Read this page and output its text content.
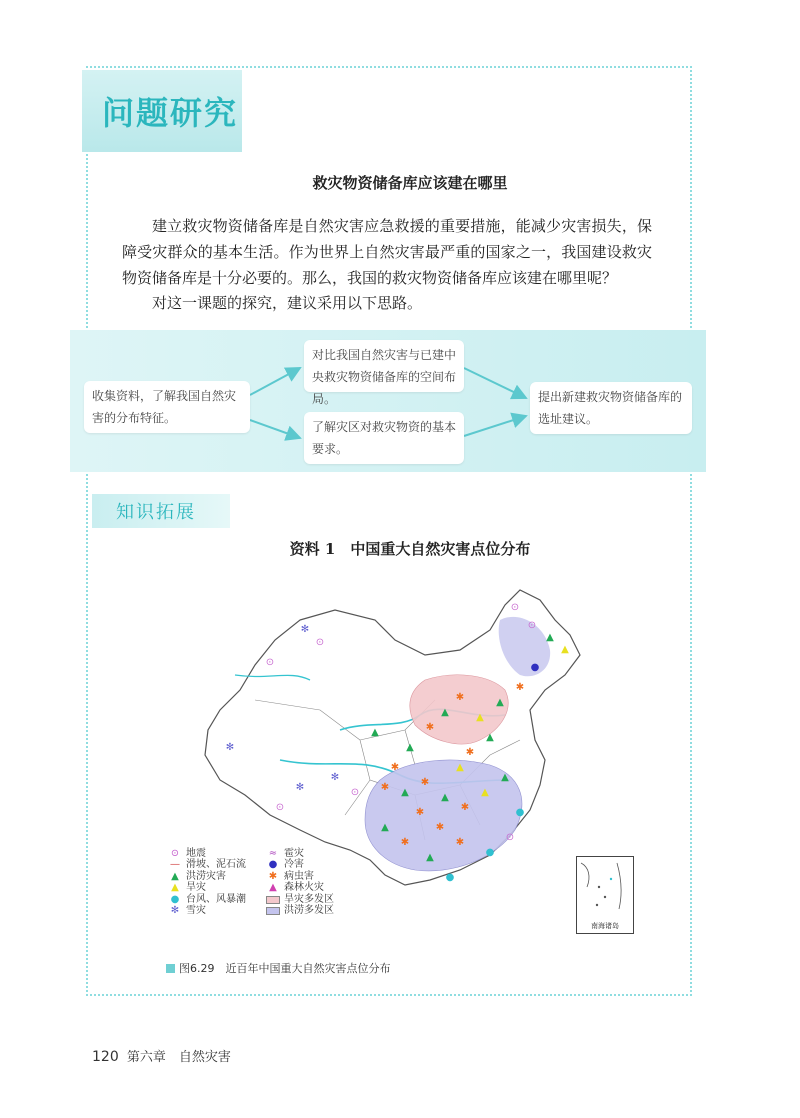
问题研究
救灾物资储备库应该建在哪里
建立救灾物资储备库是自然灾害应急救援的重要措施，能减少灾害损失，保障受灾群众的基本生活。作为世界上自然灾害最严重的国家之一，我国建设救灾物资储备库是十分必要的。那么，我国的救灾物资储备库应该建在哪里呢？
对这一课题的探究，建议采用以下思路。
收集资料，了解我国自然灾害的分布特征。
对比我国自然灾害与已建中央救灾物资储备库的空间布局。
了解灾区对救灾物资的基本要求。
提出新建救灾物资储备库的选址建议。
知识拓展
资料 1　中国重大自然灾害点位分布
⊙
⊙
▲
▲
●
✱
▲
▲
✱
▲
✱
▲
✱
✱ ▲
✱
▲
✱
▲
▲
●
⊙
●
✱
▲
✱
▲	✱
●
⊙
✻
✻
⊙
⊙
✻
⊙
✻
▲
✱
▲
▲
✱
⊙ 地震
— 滑坡、泥石流
▲ 洪涝灾害
▲ 旱灾
● 台风、风暴潮
✻ 雪灾
≈ 雹灾
● 冷害
✱ 病虫害
▲ 森林火灾
旱灾多发区
洪涝多发区
南海诸岛
图6.29　近百年中国重大自然灾害点位分布
120 第六章　自然灾害
